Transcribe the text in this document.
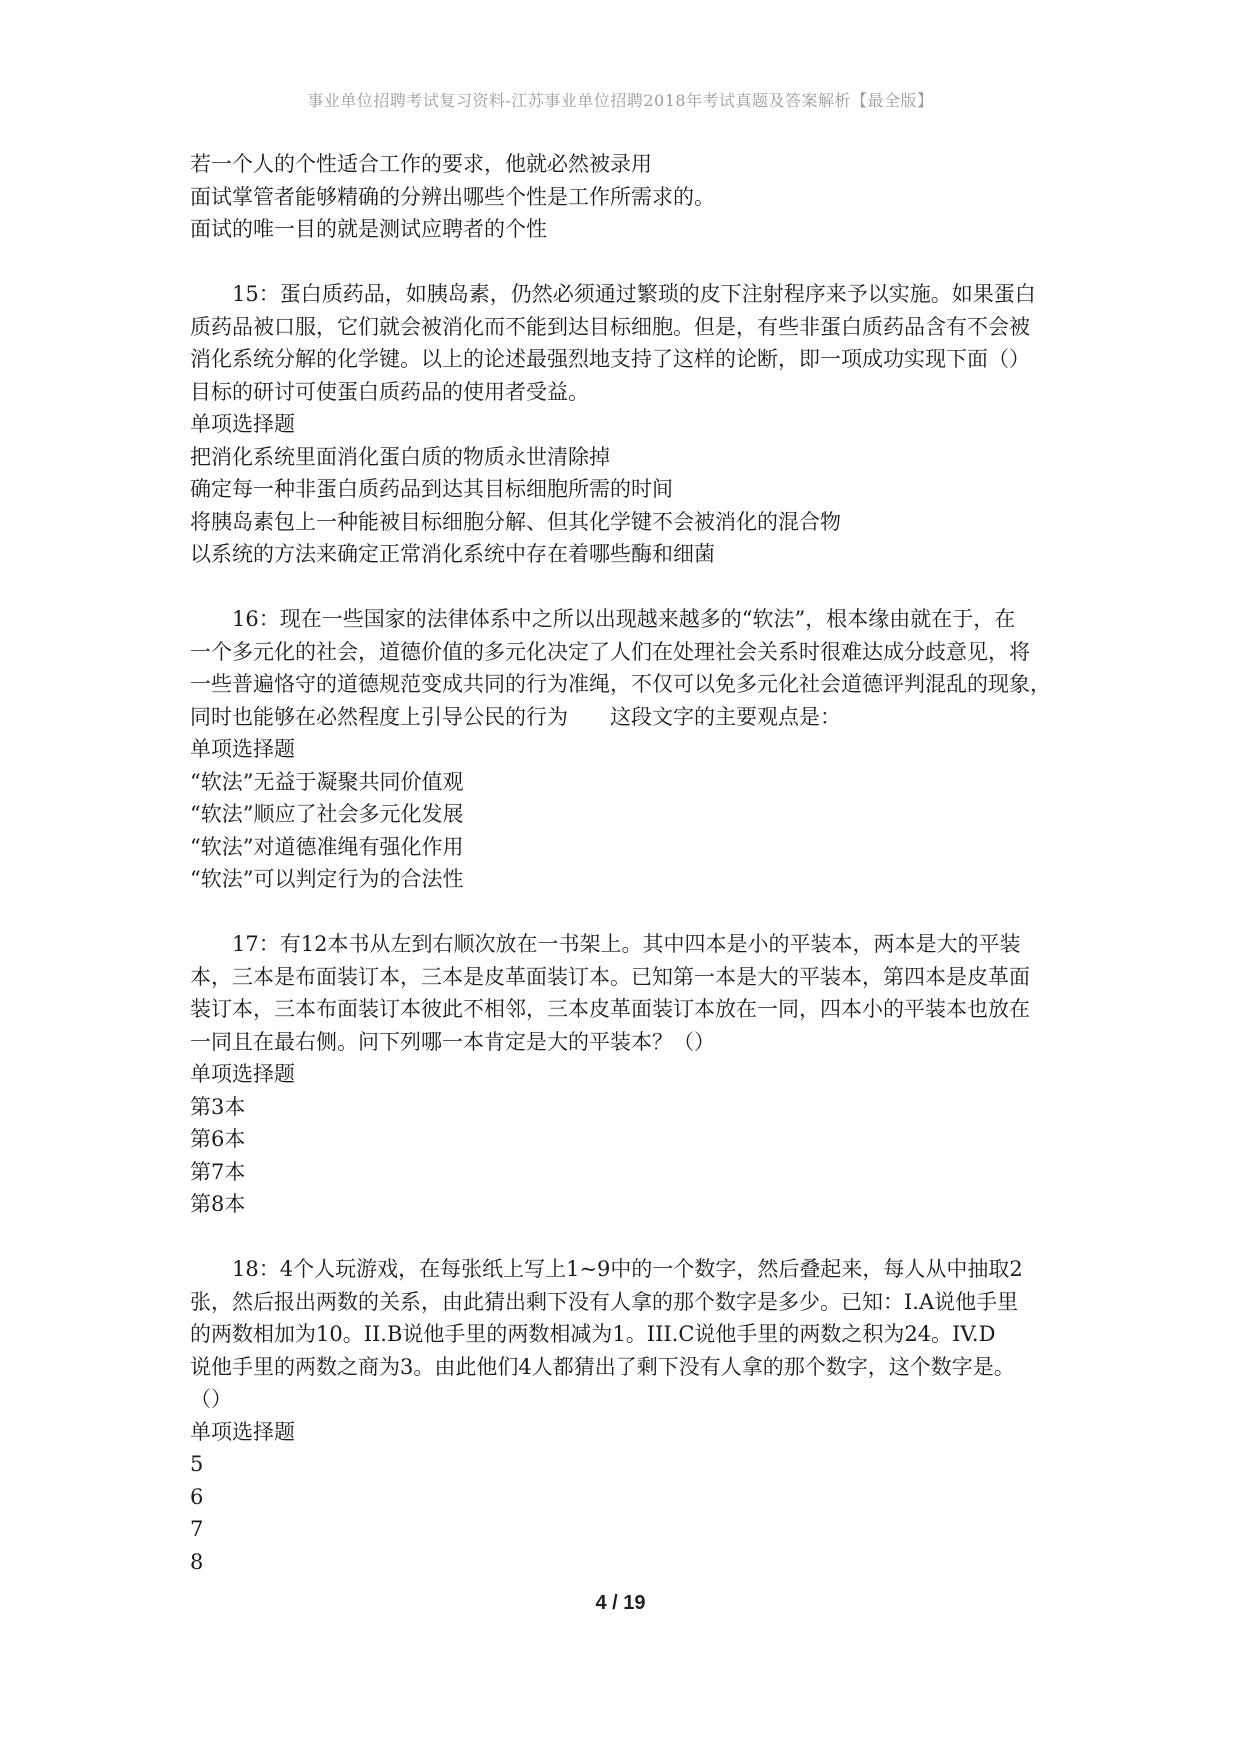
事业单位招聘考试复习资料-江苏事业单位招聘2018年考试真题及答案解析【最全版】
若一个人的个性适合工作的要求，他就必然被录用
面试掌管者能够精确的分辨出哪些个性是工作所需求的。
面试的唯一目的就是测试应聘者的个性
15：蛋白质药品，如胰岛素，仍然必须通过繁琐的皮下注射程序来予以实施。如果蛋白
质药品被口服，它们就会被消化而不能到达目标细胞。但是，有些非蛋白质药品含有不会被
消化系统分解的化学键。以上的论述最强烈地支持了这样的论断，即一项成功实现下面（）
目标的研讨可使蛋白质药品的使用者受益。
单项选择题
把消化系统里面消化蛋白质的物质永世清除掉
确定每一种非蛋白质药品到达其目标细胞所需的时间
将胰岛素包上一种能被目标细胞分解、但其化学键不会被消化的混合物
以系统的方法来确定正常消化系统中存在着哪些酶和细菌
16：现在一些国家的法律体系中之所以出现越来越多的“软法”，根本缘由就在于，在
一个多元化的社会，道德价值的多元化决定了人们在处理社会关系时很难达成分歧意见，将
一些普遍恪守的道德规范变成共同的行为准绳，不仅可以免多元化社会道德评判混乱的现象，
同时也能够在必然程度上引导公民的行为　　这段文字的主要观点是：
单项选择题
“软法”无益于凝聚共同价值观
“软法”顺应了社会多元化发展
“软法”对道德准绳有强化作用
“软法”可以判定行为的合法性
17：有12本书从左到右顺次放在一书架上。其中四本是小的平装本，两本是大的平装
本，三本是布面装订本，三本是皮革面装订本。已知第一本是大的平装本，第四本是皮革面
装订本，三本布面装订本彼此不相邻，三本皮革面装订本放在一同，四本小的平装本也放在
一同且在最右侧。问下列哪一本肯定是大的平装本？（）
单项选择题
第3本
第6本
第7本
第8本
18：4个人玩游戏，在每张纸上写上1~9中的一个数字，然后叠起来，每人从中抽取2
张，然后报出两数的关系，由此猜出剩下没有人拿的那个数字是多少。已知：I.A说他手里
的两数相加为10。II.B说他手里的两数相减为1。III.C说他手里的两数之积为24。IV.D
说他手里的两数之商为3。由此他们4人都猜出了剩下没有人拿的那个数字，这个数字是。
（）
单项选择题
5
6
7
8
4 / 19
